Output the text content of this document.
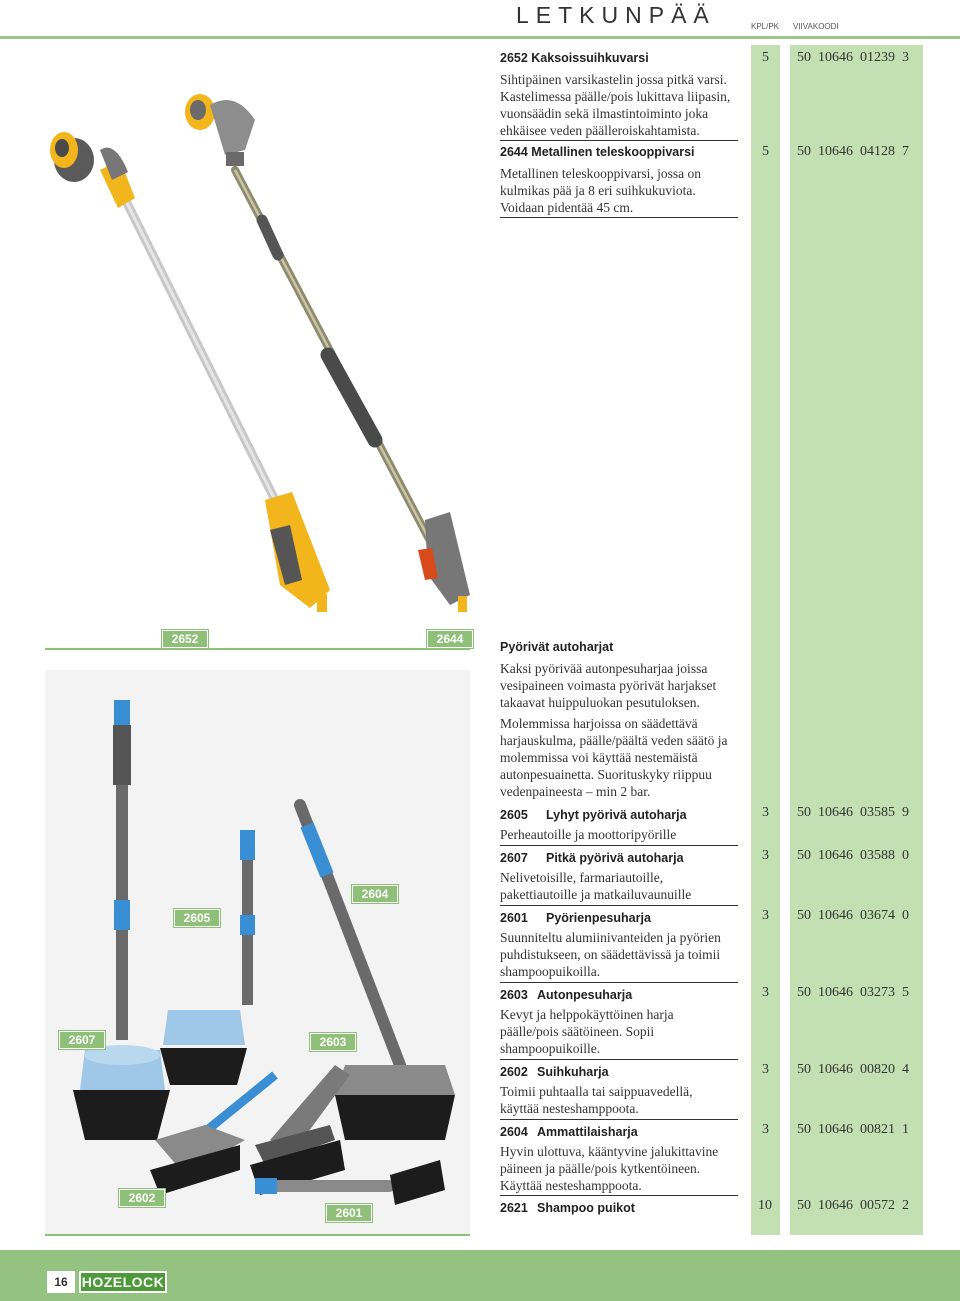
LETKUNPÄÄ	KPL/PK VIIVAKOODI
2652	2644
2652 Kaksoissuihkuvarsi	5 50  10646  01239  3
Sihtipäinen varsikastelin jossa pitkä varsi. Kastelimessa päälle/pois lukittava liipasin, vuonsäädin sekä ilmastintoiminto joka ehkäisee veden päälleroiskahtamista.
2644 Metallinen teleskooppivarsi	5 50  10646  04128  7
Metallinen teleskooppivarsi, jossa on kulmikas pää ja 8 eri suihkukuviota. Voidaan pidentää 45 cm.
2607
2605
2604
2603
2602
2601
Pyörivät autoharjat
Kaksi pyörivää autonpesuharjaa joissa vesipaineen voimasta pyörivät harjakset takaavat huippuluokan pesutuloksen.
Molemmissa harjoissa on säädettävä harjauskulma, päälle/päältä veden säätö ja molemmissa voi käyttää nestemäistä autonpesuainetta. Suorituskyky riippuu vedenpaineesta – min 2 bar.
2605 Lyhyt pyörivä autoharja	3 50  10646  03585  9
Perheautoille ja moottoripyörille
2607 Pitkä pyörivä autoharja	3 50  10646  03588  0
Nelivetoisille, farmariautoille, pakettiautoille ja matkailuvaunuille
2601 Pyörienpesuharja	3 50  10646  03674  0
Suunniteltu alumiinivanteiden ja pyörien puhdistukseen, on säädettävissä ja toimii shampoopuikoilla.
2603 Autonpesuharja	3 50  10646  03273  5
Kevyt ja helppokäyttöinen harja päälle/pois säätöineen. Sopii shampoopuikoille.
2602 Suihkuharja	3 50  10646  00820  4
Toimii puhtaalla tai saippuavedellä, käyttää nesteshamppoota.
2604 Ammattilaisharja	3 50  10646  00821  1
Hyvin ulottuva, kääntyvine jalukittavine päineen ja päälle/pois kytkentöineen. Käyttää nesteshamppoota.
2621 Shampoo puikot	10 50  10646  00572  2
16	HOZELOCK
